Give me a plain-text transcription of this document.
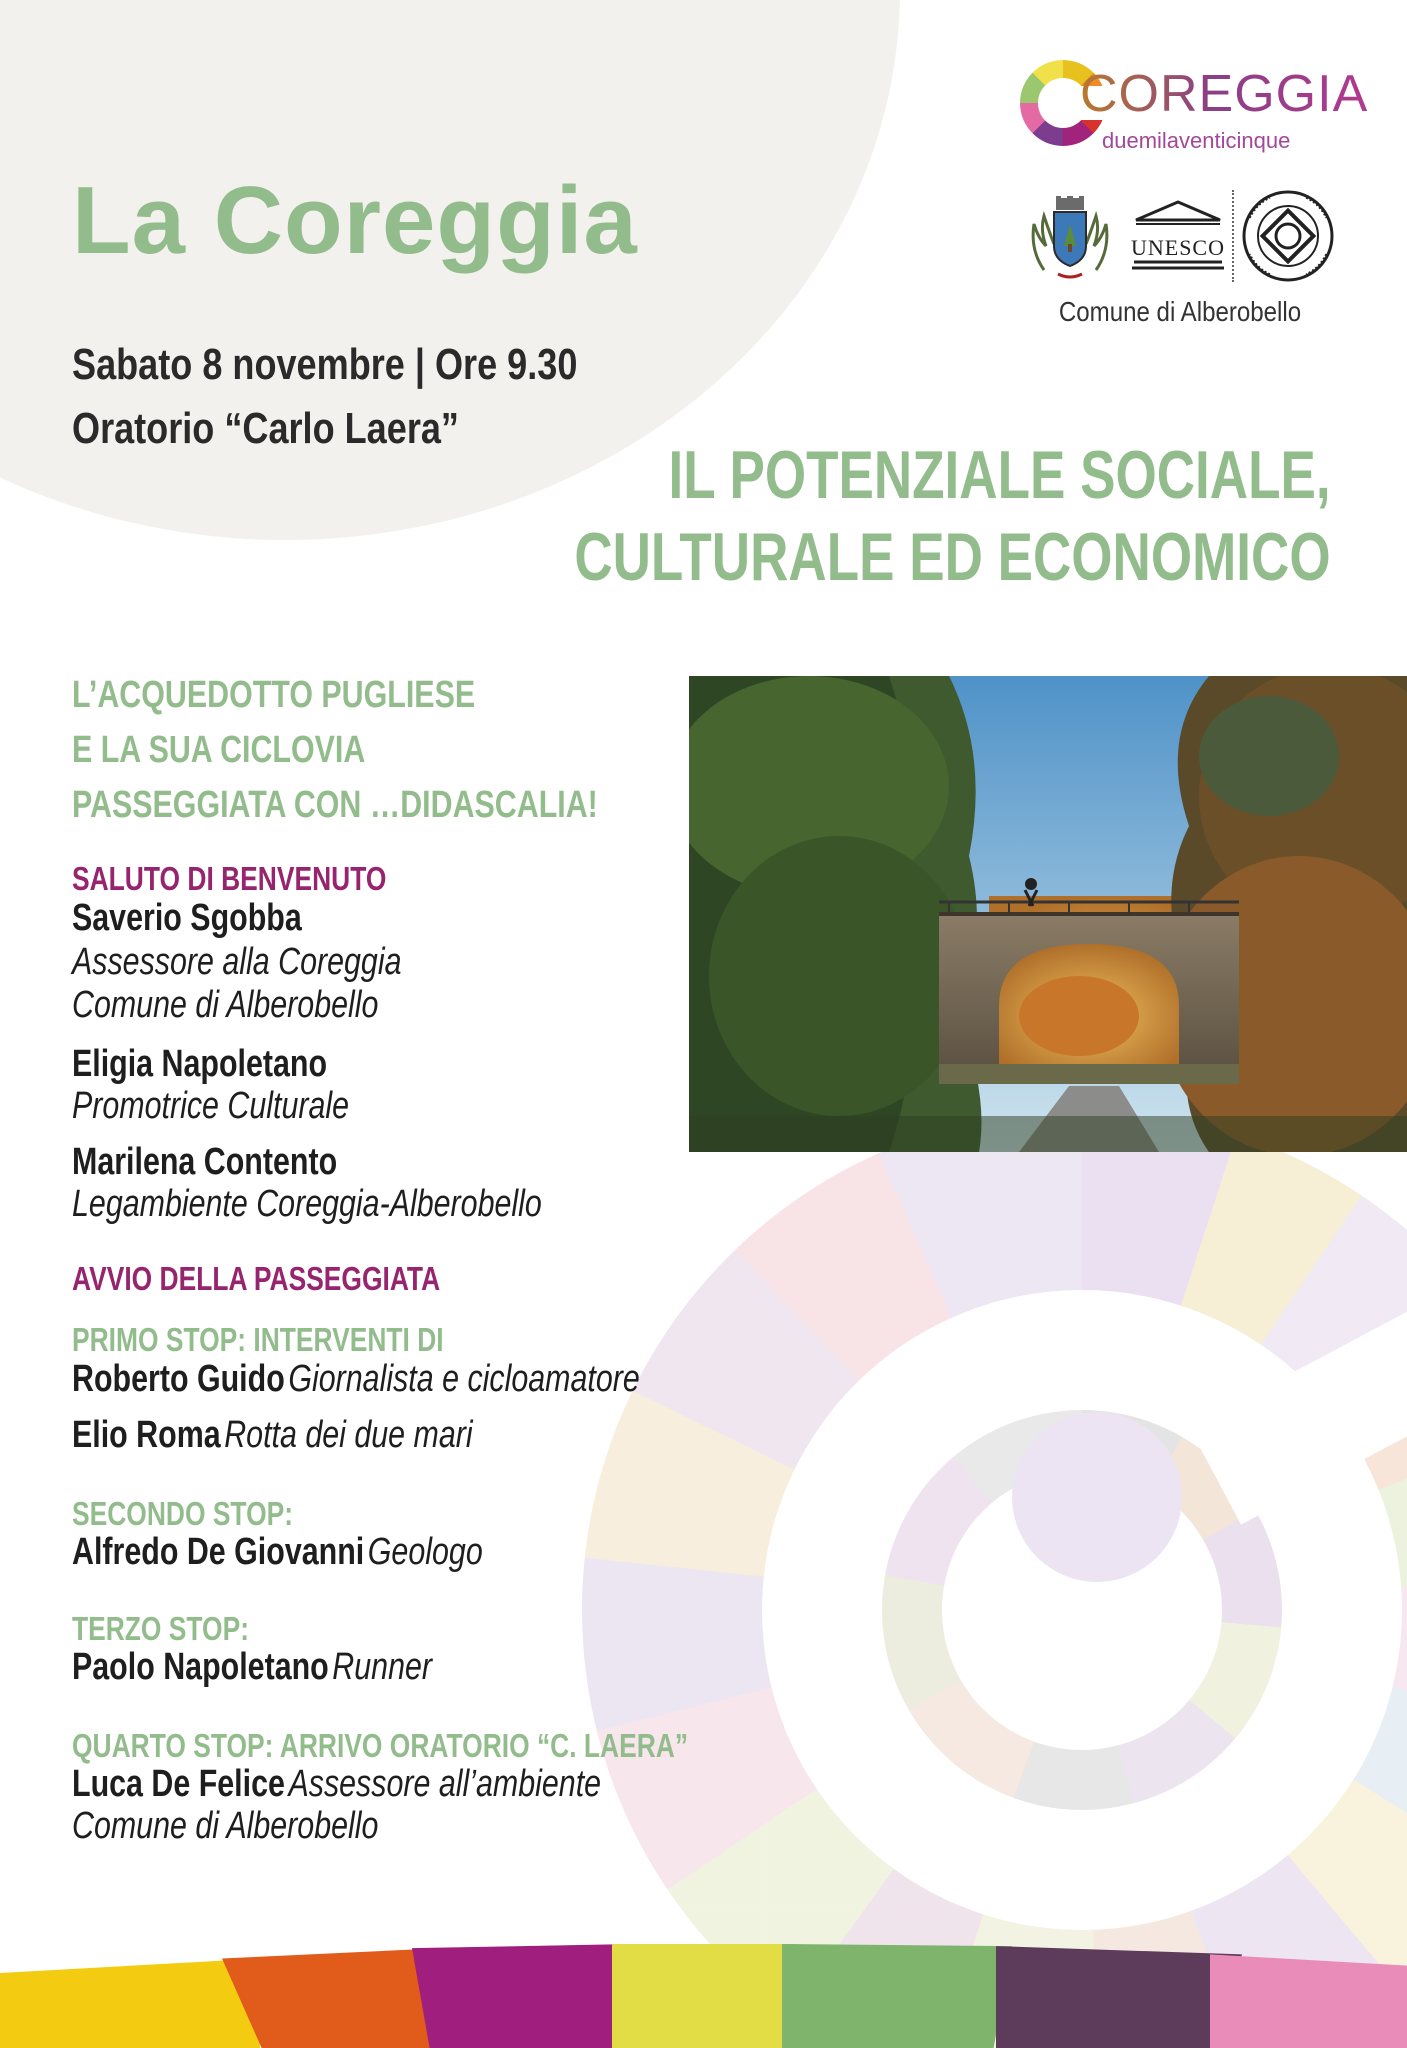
La Coreggia

Sabato 8 novembre | Ore 9.30

Oratorio “Carlo Laera”

COREGGIA
duemilaventicinque
UNESCO

Comune di Alberobello

IL POTENZIALE SOCIALE,
CULTURALE ED ECONOMICO

L’ACQUEDOTTO PUGLIESE
E LA SUA CICLOVIA
PASSEGGIATA CON …DIDASCALIA!

SALUTO DI BENVENUTO

Saverio Sgobba

Assessore alla Coreggia

Comune di Alberobello

Eligia Napoletano

Promotrice Culturale

Marilena Contento

Legambiente Coreggia-Alberobello

AVVIO DELLA PASSEGGIATA

PRIMO STOP: INTERVENTI DI

Roberto Guido Giornalista e cicloamatore

Elio Roma Rotta dei due mari

SECONDO STOP:

Alfredo De Giovanni Geologo

TERZO STOP:

Paolo Napoletano Runner

QUARTO STOP: ARRIVO ORATORIO “C. LAERA”

Luca De Felice Assessore all’ambiente

Comune di Alberobello
